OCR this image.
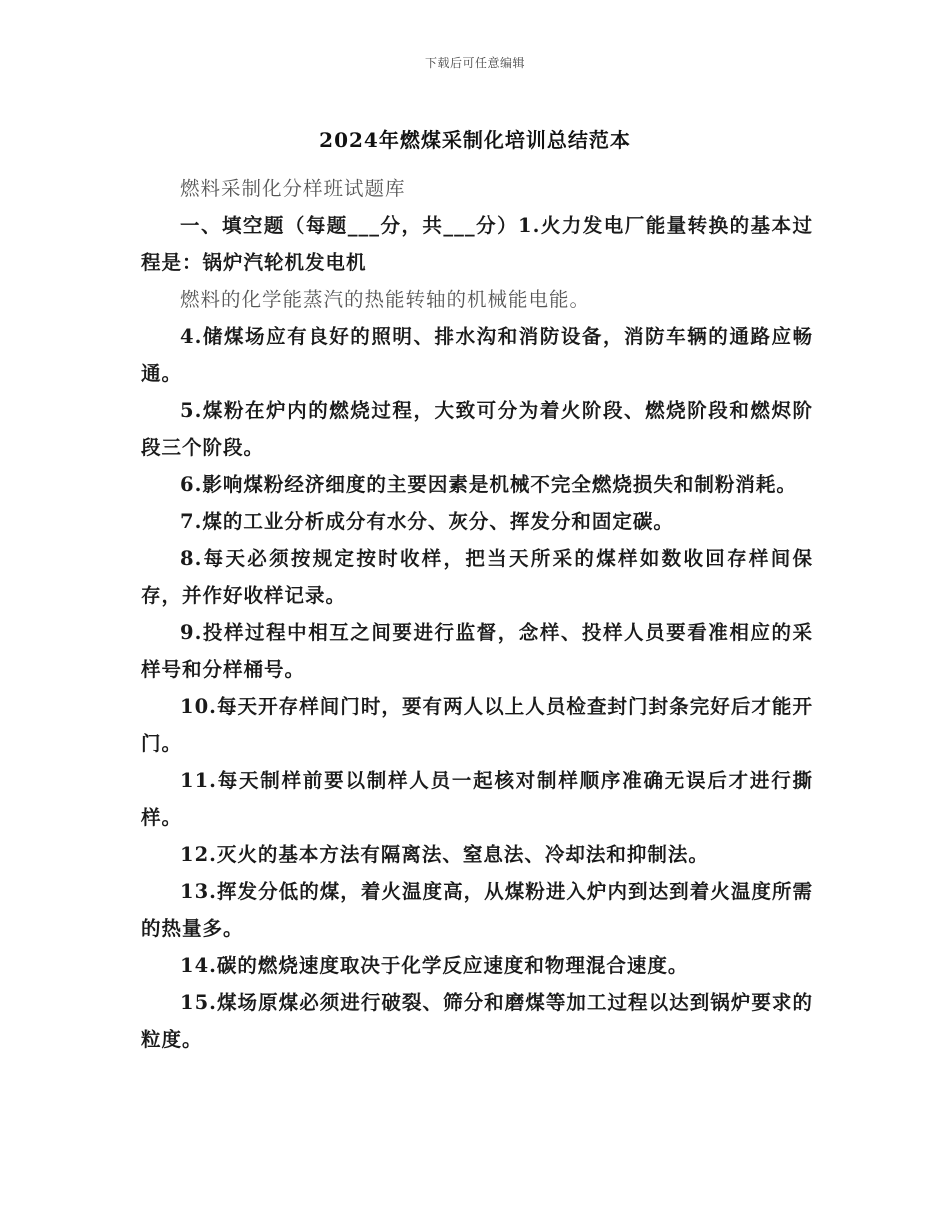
下载后可任意编辑
2024年燃煤采制化培训总结范本

燃料采制化分样班试题库

一、填空题（每题___分，共___分）1.火力发电厂能量转换的基本过程是：锅炉汽轮机发电机

燃料的化学能蒸汽的热能转轴的机械能电能。

4.储煤场应有良好的照明、排水沟和消防设备，消防车辆的通路应畅通。

5.煤粉在炉内的燃烧过程，大致可分为着火阶段、燃烧阶段和燃烬阶段三个阶段。

6.影响煤粉经济细度的主要因素是机械不完全燃烧损失和制粉消耗。

7.煤的工业分析成分有水分、灰分、挥发分和固定碳。

8.每天必须按规定按时收样，把当天所采的煤样如数收回存样间保存，并作好收样记录。

9.投样过程中相互之间要进行监督，念样、投样人员要看准相应的采样号和分样桶号。

10.每天开存样间门时，要有两人以上人员检查封门封条完好后才能开门。

11.每天制样前要以制样人员一起核对制样顺序准确无误后才进行撕样。

12.灭火的基本方法有隔离法、窒息法、冷却法和抑制法。

13.挥发分低的煤，着火温度高，从煤粉进入炉内到达到着火温度所需的热量多。

14.碳的燃烧速度取决于化学反应速度和物理混合速度。

15.煤场原煤必须进行破裂、筛分和磨煤等加工过程以达到锅炉要求的粒度。
